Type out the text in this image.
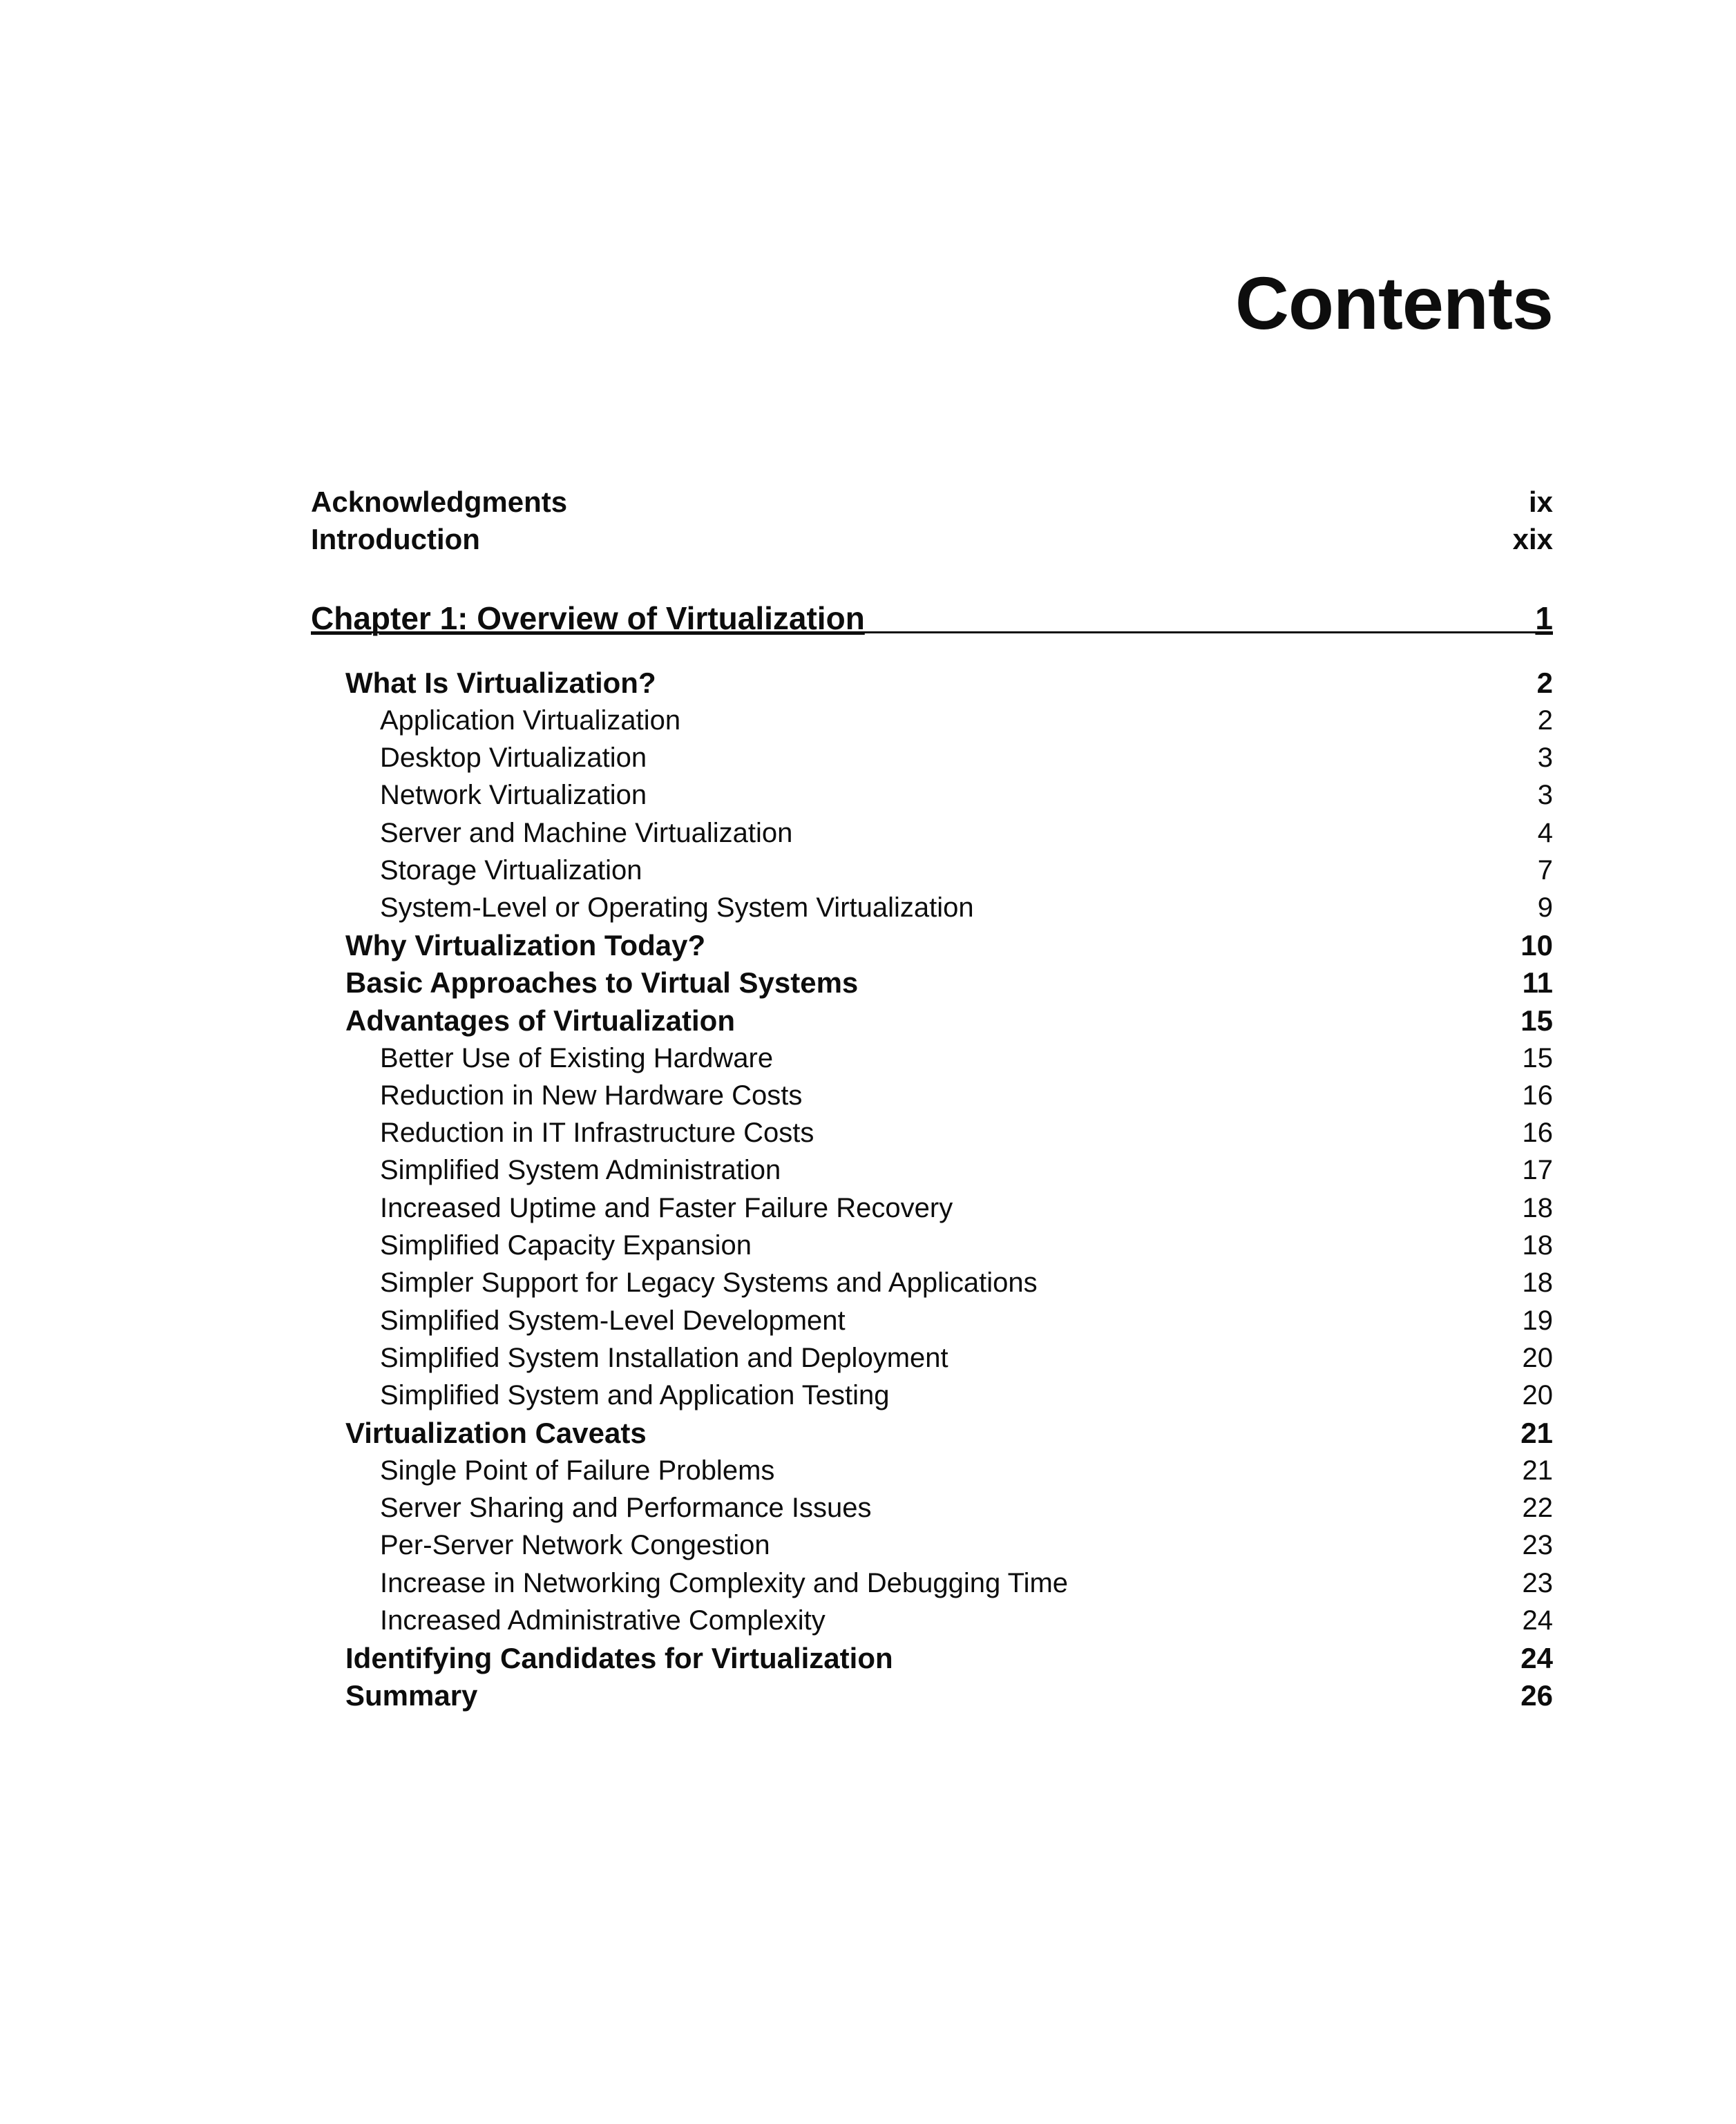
Contents
Acknowledgments	ix
Introduction	xix
Chapter 1: Overview of Virtualization	1
What Is Virtualization?	2
Application Virtualization	2
Desktop Virtualization	3
Network Virtualization	3
Server and Machine Virtualization	4
Storage Virtualization	7
System-Level or Operating System Virtualization	9
Why Virtualization Today?	10
Basic Approaches to Virtual Systems	11
Advantages of Virtualization	15
Better Use of Existing Hardware	15
Reduction in New Hardware Costs	16
Reduction in IT Infrastructure Costs	16
Simplified System Administration	17
Increased Uptime and Faster Failure Recovery	18
Simplified Capacity Expansion	18
Simpler Support for Legacy Systems and Applications	18
Simplified System-Level Development	19
Simplified System Installation and Deployment	20
Simplified System and Application Testing	20
Virtualization Caveats	21
Single Point of Failure Problems	21
Server Sharing and Performance Issues	22
Per-Server Network Congestion	23
Increase in Networking Complexity and Debugging Time	23
Increased Administrative Complexity	24
Identifying Candidates for Virtualization	24
Summary	26
